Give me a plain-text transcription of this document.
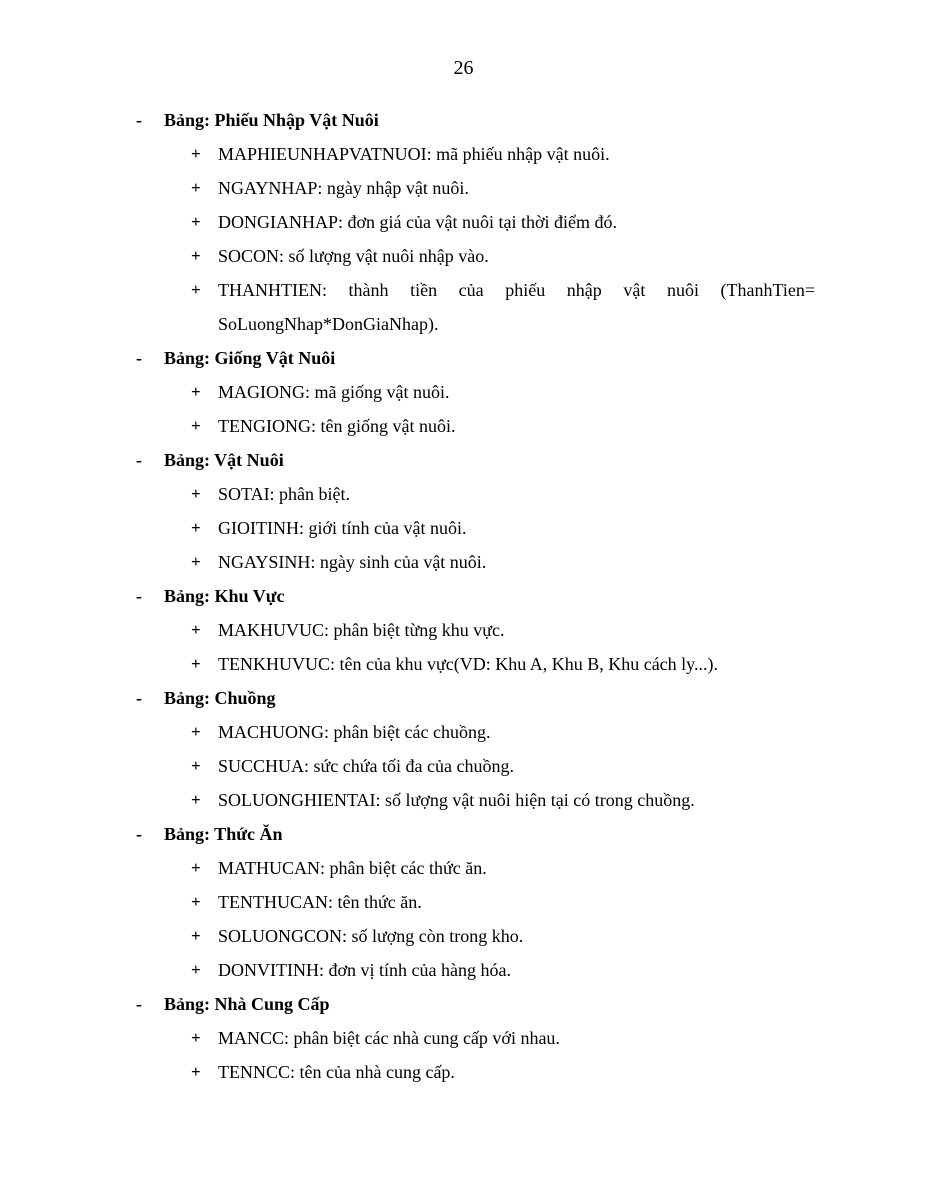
26
- Bảng: Phiếu Nhập Vật Nuôi
+ MAPHIEUNHAPVATNUOI: mã phiếu nhập vật nuôi.
+ NGAYNHAP: ngày nhập vật nuôi.
+ DONGIANHAP: đơn giá của vật nuôi tại thời điểm đó.
+ SOCON: số lượng vật nuôi nhập vào.
+ THANHTIEN: thành tiền của phiếu nhập vật nuôi (ThanhTien=
SoLuongNhap*DonGiaNhap).
- Bảng: Giống Vật Nuôi
+ MAGIONG: mã giống vật nuôi.
+ TENGIONG: tên giống vật nuôi.
- Bảng: Vật Nuôi
+ SOTAI: phân biệt.
+ GIOITINH: giới tính của vật nuôi.
+ NGAYSINH: ngày sinh của vật nuôi.
- Bảng: Khu Vực
+ MAKHUVUC: phân biệt từng khu vực.
+ TENKHUVUC: tên của khu vực(VD: Khu A, Khu B, Khu cách ly...).
- Bảng: Chuồng
+ MACHUONG: phân biệt các chuồng.
+ SUCCHUA: sức chứa tối đa của chuồng.
+ SOLUONGHIENTAI: số lượng vật nuôi hiện tại có trong chuồng.
- Bảng: Thức Ăn
+ MATHUCAN: phân biệt các thức ăn.
+ TENTHUCAN: tên thức ăn.
+ SOLUONGCON: số lượng còn trong kho.
+ DONVITINH: đơn vị tính của hàng hóa.
- Bảng: Nhà Cung Cấp
+ MANCC: phân biệt các nhà cung cấp với nhau.
+ TENNCC: tên của nhà cung cấp.
